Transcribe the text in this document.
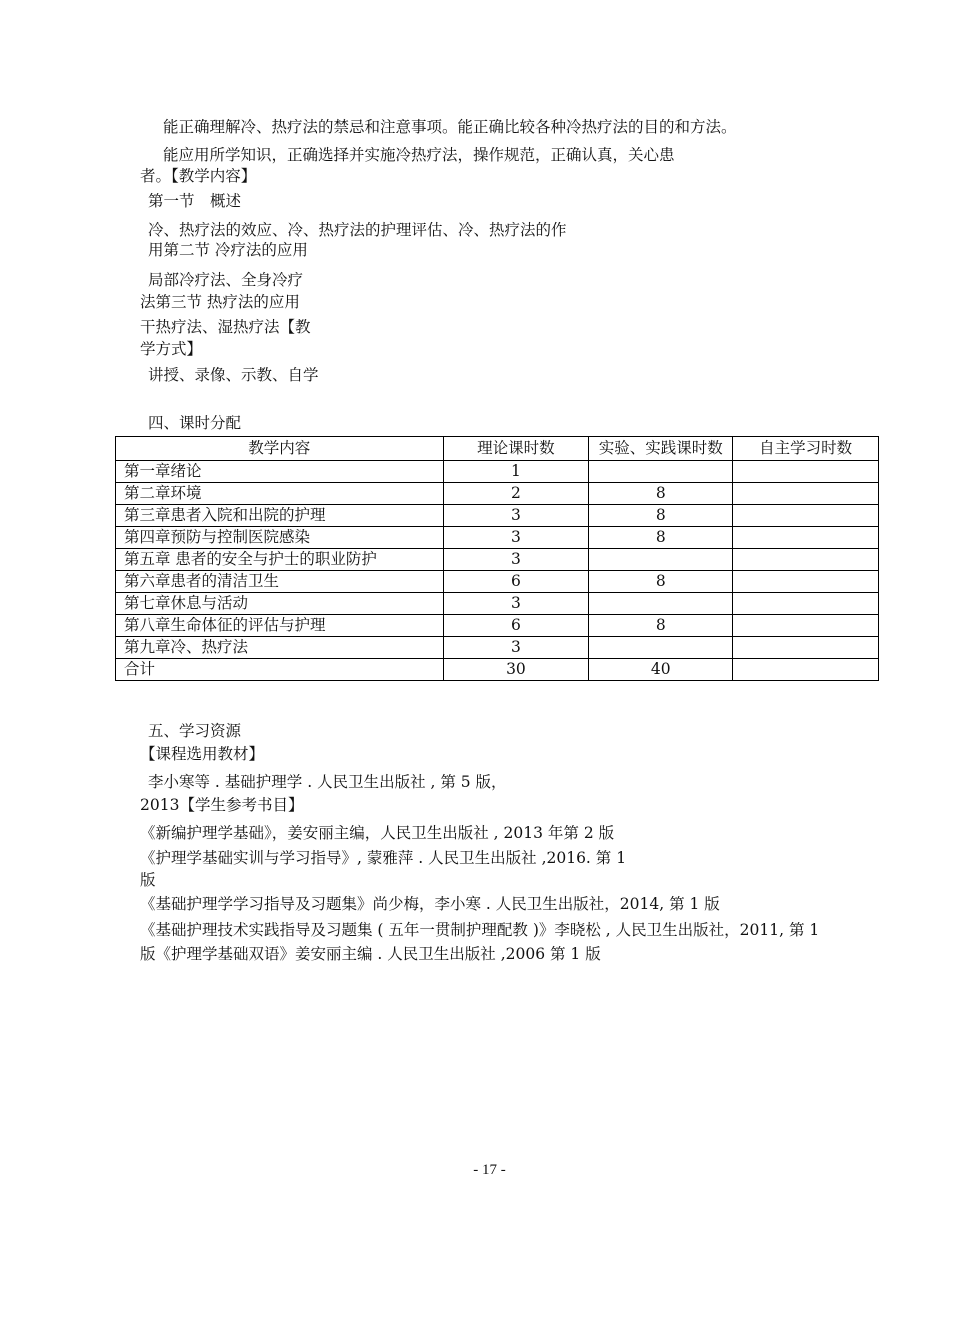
能正确理解冷、热疗法的禁忌和注意事项。能正确比较各种冷热疗法的目的和方法。
能应用所学知识，正确选择并实施冷热疗法，操作规范，正确认真，关心患
者。【教学内容】
第一节　概述
冷、热疗法的效应、冷、热疗法的护理评估、冷、热疗法的作
用第二节 冷疗法的应用
局部冷疗法、全身冷疗
法第三节 热疗法的应用
干热疗法、湿热疗法【教
学方式】
讲授、录像、示教、自学
四、课时分配
教学内容	理论课时数	实验、实践课时数	自主学习时数
第一章绪论	1		
第二章环境	2	8	
第三章患者入院和出院的护理	3	8	
第四章预防与控制医院感染	3	8	
第五章 患者的安全与护士的职业防护	3		
第六章患者的清洁卫生	6	8	
第七章休息与活动	3		
第八章生命体征的评估与护理	6	8	
第九章冷、热疗法	3		
合计	30	40	
五、学习资源
【课程选用教材】
李小寒等 . 基础护理学 . 人民卫生出版社 , 第 5 版，
2013【学生参考书目】
《新编护理学基础》，姜安丽主编，人民卫生出版社 , 2013 年第 2 版
《护理学基础实训与学习指导》, 蒙雅萍 . 人民卫生出版社 ,2016. 第 1
版
《基础护理学学习指导及习题集》尚少梅，李小寒 . 人民卫生出版社，2014, 第 1 版
《基础护理技术实践指导及习题集 ( 五年一贯制护理配教 )》李晓松 , 人民卫生出版社，2011, 第 1
版《护理学基础双语》姜安丽主编 . 人民卫生出版社 ,2006 第 1 版
- 17 -
